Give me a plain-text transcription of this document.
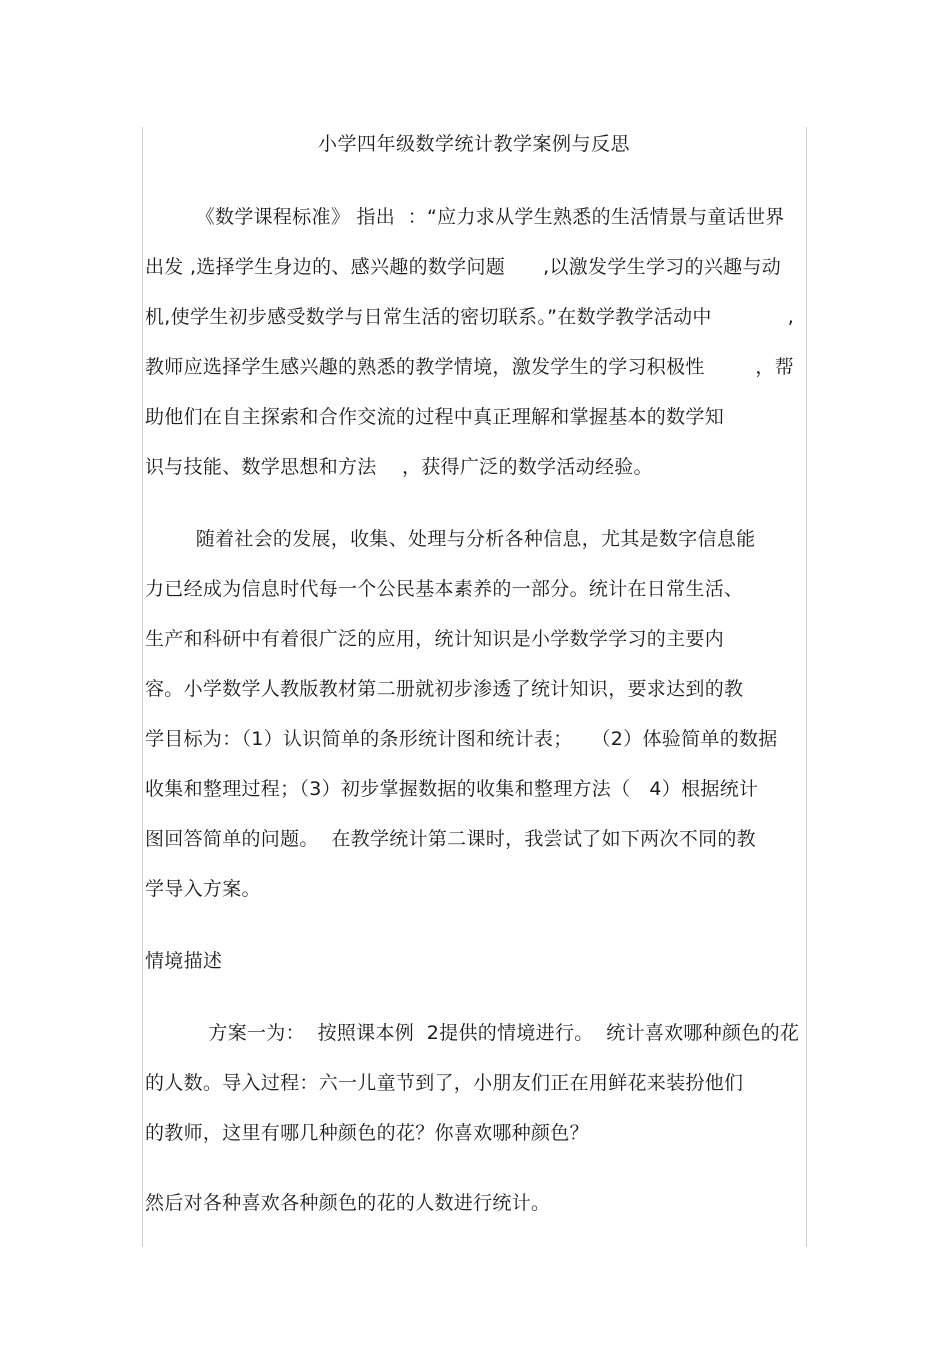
小学四年级数学统计教学案例与反思
《数学课程标准》 指出  ：“应力求从学生熟悉的生活情景与童话世界
出发 ,选择学生身边的、感兴趣的数学问题      ,以激发学生学习的兴趣与动
机,使学生初步感受数学与日常生活的密切联系。”在数学教学活动中            ,
教师应选择学生感兴趣的熟悉的教学情境，激发学生的学习积极性        ，帮
助他们在自主探索和合作交流的过程中真正理解和掌握基本的数学知
识与技能、数学思想和方法    ，获得广泛的数学活动经验。
随着社会的发展，收集、处理与分析各种信息，尤其是数字信息能
力已经成为信息时代每一个公民基本素养的一部分。统计在日常生活、
生产和科研中有着很广泛的应用，统计知识是小学数学学习的主要内
容。小学数学人教版教材第二册就初步渗透了统计知识，要求达到的教
学目标为：（1）认识简单的条形统计图和统计表；   （2）体验简单的数据
收集和整理过程；（3）初步掌握数据的收集和整理方法（   4）根据统计
图回答简单的问题。  在教学统计第二课时，我尝试了如下两次不同的教
学导入方案。
情境描述
方案一为：  按照课本例  2提供的情境进行。  统计喜欢哪种颜色的花
的人数。导入过程：六一儿童节到了，小朋友们正在用鲜花来装扮他们
的教师，这里有哪几种颜色的花？你喜欢哪种颜色？
然后对各种喜欢各种颜色的花的人数进行统计。
